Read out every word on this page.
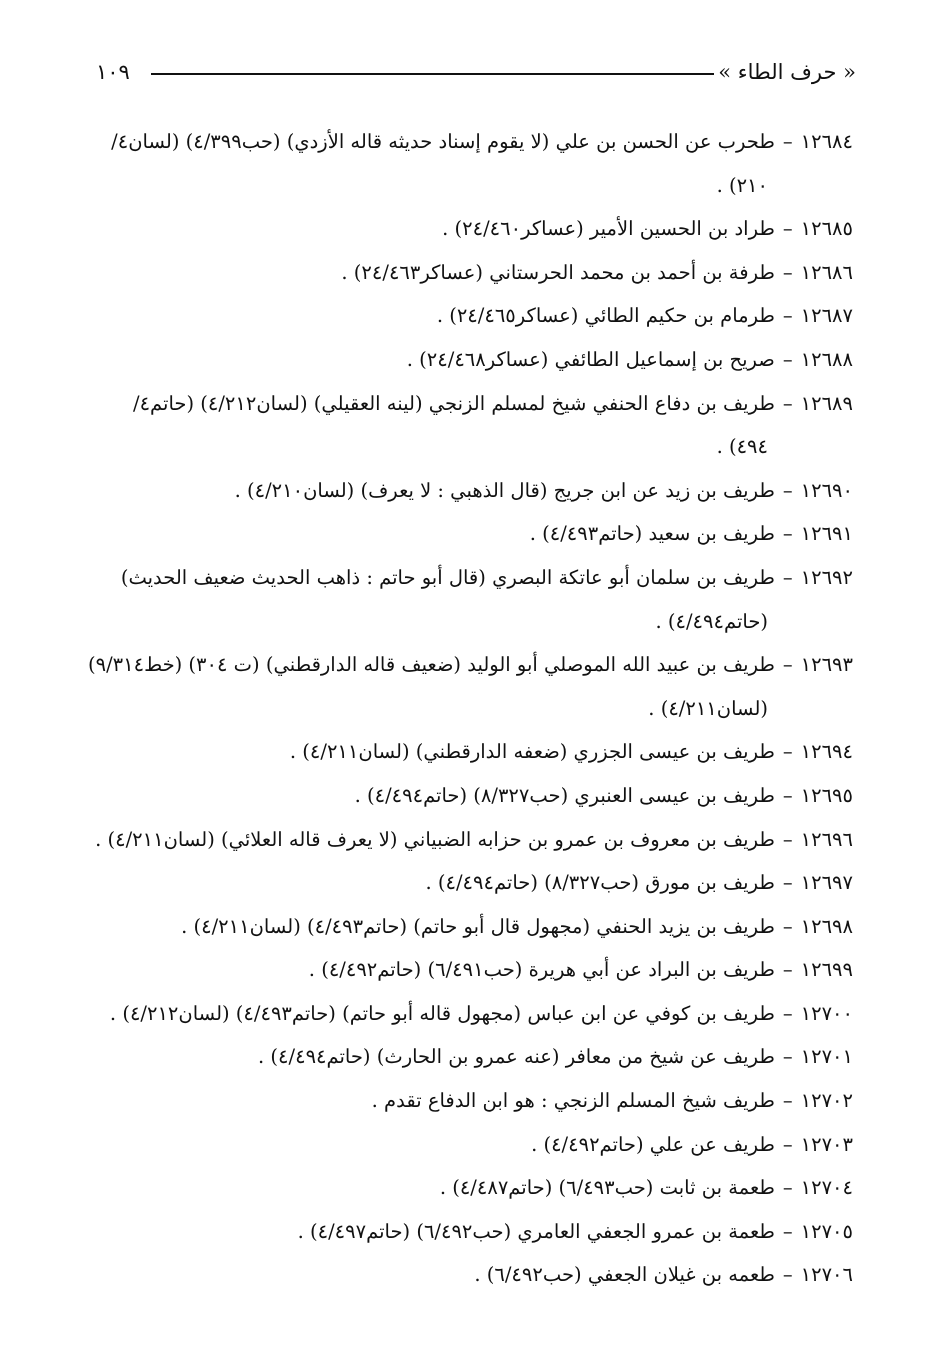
« حرف الطاء »
١٠٩
١٢٦٨٤–طحرب عن الحسن بن علي (لا يقوم إسناد حديثه قاله الأزدي) (حب٤/٣٩٩) (لسان٤/
٢١٠) .
١٢٦٨٥–طراد بن الحسين الأمير (عساكر٢٤/٤٦٠) .
١٢٦٨٦–طرفة بن أحمد بن محمد الحرستاني (عساكر٢٤/٤٦٣) .
١٢٦٨٧–طرمام بن حكيم الطائي (عساكر٢٤/٤٦٥) .
١٢٦٨٨–صريح بن إسماعيل الطائفي (عساكر٢٤/٤٦٨) .
١٢٦٨٩–طريف بن دفاع الحنفي شيخ لمسلم الزنجي (لينه العقيلي) (لسان٤/٢١٢) (حاتم٤/
٤٩٤) .
١٢٦٩٠–طريف بن زيد عن ابن جريج (قال الذهبي : لا يعرف) (لسان٤/٢١٠) .
١٢٦٩١–طريف بن سعيد (حاتم٤/٤٩٣) .
١٢٦٩٢–طريف بن سلمان أبو عاتكة البصري (قال أبو حاتم : ذاهب الحديث ضعيف الحديث)
(حاتم٤/٤٩٤) .
١٢٦٩٣–طريف بن عبيد الله الموصلي أبو الوليد (ضعيف قاله الدارقطني) (ت ٣٠٤) (خط٩/٣١٤)
(لسان٤/٢١١) .
١٢٦٩٤–طريف بن عيسى الجزري (ضعفه الدارقطني) (لسان٤/٢١١) .
١٢٦٩٥–طريف بن عيسى العنبري (حب٨/٣٢٧) (حاتم٤/٤٩٤) .
١٢٦٩٦–طريف بن معروف بن عمرو بن حزابه الضبياني (لا يعرف قاله العلائي) (لسان٤/٢١١) .
١٢٦٩٧–طريف بن مورق (حب٨/٣٢٧) (حاتم٤/٤٩٤) .
١٢٦٩٨–طريف بن يزيد الحنفي (مجهول قال أبو حاتم) (حاتم٤/٤٩٣) (لسان٤/٢١١) .
١٢٦٩٩–طريف بن البراد عن أبي هريرة (حب٦/٤٩١) (حاتم٤/٤٩٢) .
١٢٧٠٠–طريف بن كوفي عن ابن عباس (مجهول قاله أبو حاتم) (حاتم٤/٤٩٣) (لسان٤/٢١٢) .
١٢٧٠١–طريف عن شيخ من معافر (عنه عمرو بن الحارث) (حاتم٤/٤٩٤) .
١٢٧٠٢–طريف شيخ المسلم الزنجي : هو ابن الدفاع تقدم .
١٢٧٠٣–طريف عن علي (حاتم٤/٤٩٢) .
١٢٧٠٤–طعمة بن ثابت (حب٦/٤٩٣) (حاتم٤/٤٨٧) .
١٢٧٠٥–طعمة بن عمرو الجعفي العامري (حب٦/٤٩٢) (حاتم٤/٤٩٧) .
١٢٧٠٦–طعمه بن غيلان الجعفي (حب٦/٤٩٢) .
